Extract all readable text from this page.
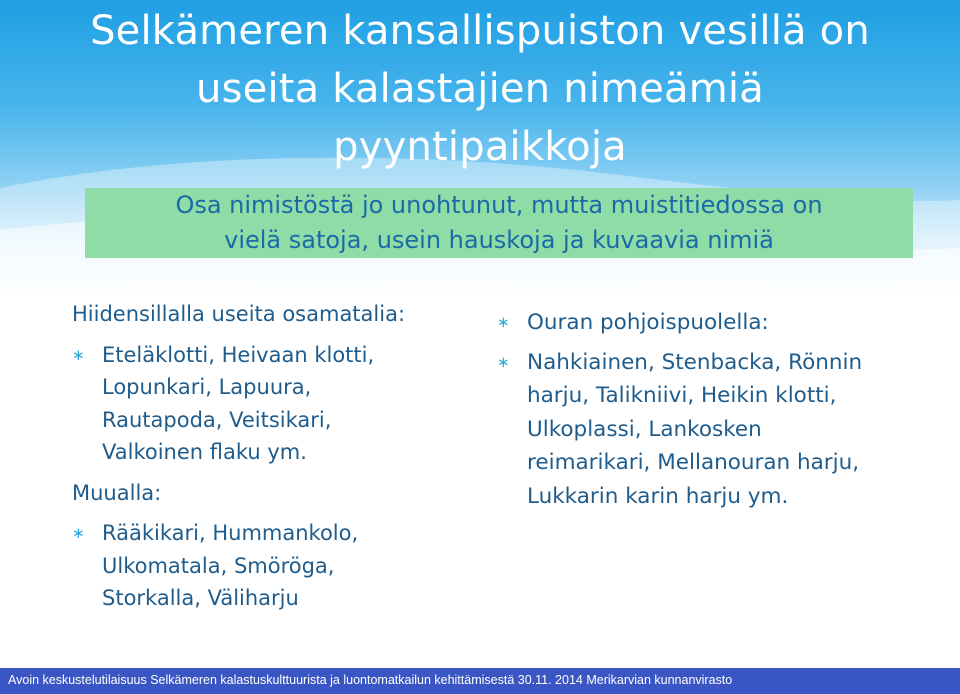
Selkämeren kansallispuiston vesillä on
useita kalastajien nimeämiä
pyyntipaikkoja
Osa nimistöstä jo unohtunut, mutta muistitiedossa on
vielä satoja, usein hauskoja ja kuvaavia nimiä

Hiidensillalla useita osamatalia:

∗ Eteläklotti, Heivaan klotti,
Lopunkari, Lapuura,
Rautapoda, Veitsikari,
Valkoinen flaku ym.

Muualla:

∗ Rääkikari, Hummankolo,
Ulkomatala, Smöröga,
Storkalla, Väliharju
∗ Ouran pohjoispuolella:
∗ Nahkiainen, Stenbacka, Rönnin
harju, Talikniivi, Heikin klotti,
Ulkoplassi, Lankosken
reimarikari, Mellanouran harju,
Lukkarin karin harju ym.
Avoin keskustelutilaisuus Selkämeren kalastuskulttuurista ja luontomatkailun kehittämisestä 30.11. 2014 Merikarvian kunnanvirasto
